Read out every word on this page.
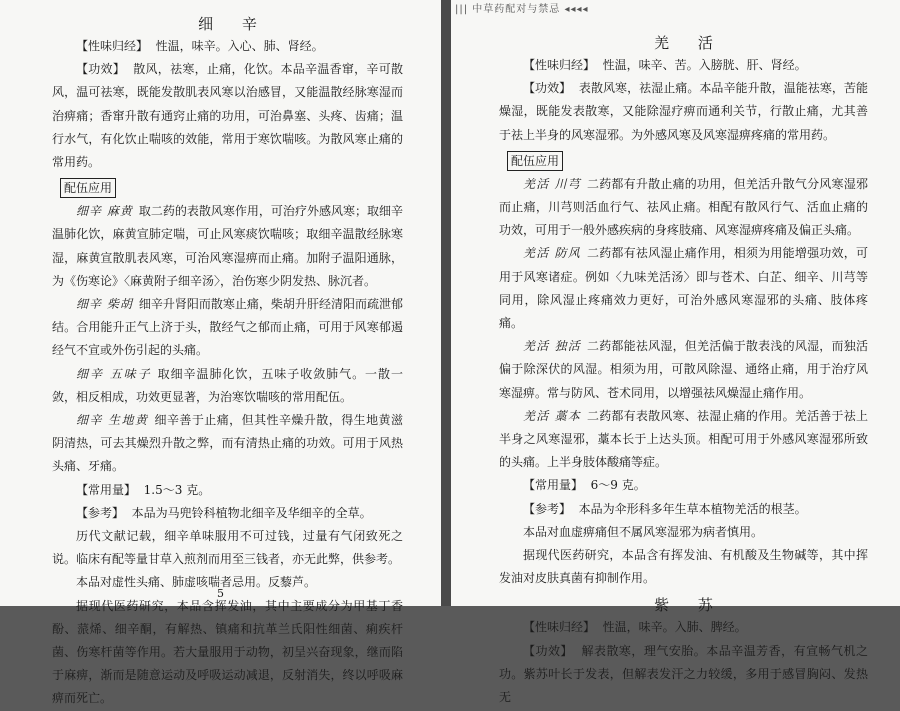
细 辛

【性味归经】 性温，味辛。入心、肺、肾经。

【功效】 散风，祛寒，止痛，化饮。本品辛温香窜，辛可散风，温可祛寒，既能发散肌表风寒以治感冒，又能温散经脉寒湿而治痹痛；香窜升散有通窍止痛的功用，可治鼻塞、头疼、齿痛；温行水气，有化饮止喘咳的效能，常用于寒饮喘咳。为散风寒止痛的常用药。

配伍应用

细辛 麻黄 取二药的表散风寒作用，可治疗外感风寒；取细辛温肺化饮，麻黄宣肺定喘，可止风寒痰饮喘咳；取细辛温散经脉寒湿，麻黄宣散肌表风寒，可治风寒湿痹而止痛。加附子温阳通脉，为《伤寒论》〈麻黄附子细辛汤〉，治伤寒少阴发热、脉沉者。

细辛 柴胡 细辛升肾阳而散寒止痛，柴胡升肝经清阳而疏泄郁结。合用能升正气上济于头，散经气之郁而止痛，可用于风寒郁遏经气不宣或外伤引起的头痛。

细辛 五味子 取细辛温肺化饮，五味子收敛肺气。一散一敛，相反相成，功效更显著，为治寒饮喘咳的常用配伍。

细辛 生地黄 细辛善于止痛，但其性辛燥升散，得生地黄滋阴清热，可去其燥烈升散之弊，而有清热止痛的功效。可用于风热头痛、牙痛。

【常用量】 1.5～3 克。

【参考】 本品为马兜铃科植物北细辛及华细辛的全草。

历代文献记载，细辛单味服用不可过钱，过量有气闭致死之说。临床有配等量甘草入煎剂而用至三钱者，亦无此弊，供参考。

本品对虚性头痛、肺虚咳喘者忌用。反藜芦。

据现代医药研究，本品含挥发油，其中主要成分为甲基丁香酚、蒎烯、细辛酮，有解热、镇痛和抗革兰氏阳性细菌、痢疾杆菌、伤寒杆菌等作用。若大量服用于动物，初呈兴奋现象，继而陷于麻痹，渐而是随意运动及呼吸运动减退，反射消失，终以呼吸麻痹而死亡。

5
||| 中草药配对与禁忌 ◂◂◂◂
羌 活

【性味归经】 性温，味辛、苦。入膀胱、肝、肾经。

【功效】 表散风寒，祛湿止痛。本品辛能升散，温能祛寒，苦能燥湿，既能发表散寒，又能除湿疗痹而通利关节，行散止痛，尤其善于祛上半身的风寒湿邪。为外感风寒及风寒湿痹疼痛的常用药。

配伍应用

羌活 川芎 二药都有升散止痛的功用，但羌活升散气分风寒湿邪而止痛，川芎则活血行气、祛风止痛。相配有散风行气、活血止痛的功效，可用于一般外感疾病的身疼肢痛、风寒湿痹疼痛及偏正头痛。

羌活 防风 二药都有祛风湿止痛作用，相须为用能增强功效，可用于风寒诸症。例如〈九味羌活汤〉即与苍术、白芷、细辛、川芎等同用，除风湿止疼痛效力更好，可治外感风寒湿邪的头痛、肢体疼痛。

羌活 独活 二药都能祛风湿，但羌活偏于散表浅的风湿，而独活偏于除深伏的风湿。相须为用，可散风除湿、通络止痛，用于治疗风寒湿痹。常与防风、苍术同用，以增强祛风燥湿止痛作用。

羌活 藁本 二药都有表散风寒、祛湿止痛的作用。羌活善于祛上半身之风寒湿邪，藁本长于上达头顶。相配可用于外感风寒湿邪所致的头痛。上半身肢体酸痛等症。

【常用量】 6～9 克。

【参考】 本品为伞形科多年生草本植物羌活的根茎。

本品对血虚痹痛但不属风寒湿邪为病者慎用。

据现代医药研究，本品含有挥发油、有机酸及生物碱等，其中挥发油对皮肤真菌有抑制作用。

紫 苏

【性味归经】 性温，味辛。入肺、脾经。

【功效】 解表散寒，理气安胎。本品辛温芳香，有宣畅气机之功。紫苏叶长于发表，但解表发汗之力较缓，多用于感冒胸闷、发热无
